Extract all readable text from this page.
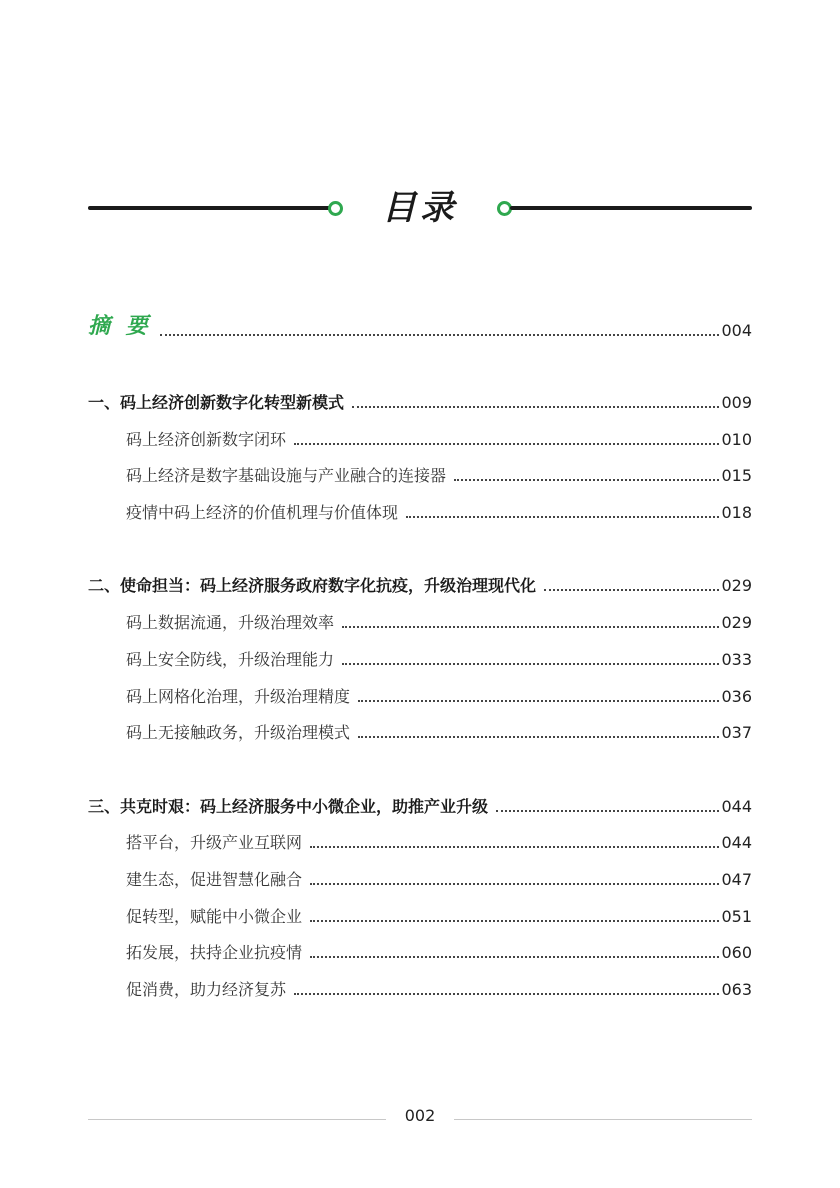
目录
摘 要	004
一、码上经济创新数字化转型新模式	009
码上经济创新数字闭环	010
码上经济是数字基础设施与产业融合的连接器	015
疫情中码上经济的价值机理与价值体现	018
二、使命担当：码上经济服务政府数字化抗疫，升级治理现代化	029
码上数据流通，升级治理效率	029
码上安全防线，升级治理能力	033
码上网格化治理，升级治理精度	036
码上无接触政务，升级治理模式	037
三、共克时艰：码上经济服务中小微企业，助推产业升级	044
搭平台，升级产业互联网	044
建生态，促进智慧化融合	047
促转型，赋能中小微企业	051
拓发展，扶持企业抗疫情	060
促消费，助力经济复苏	063
002
